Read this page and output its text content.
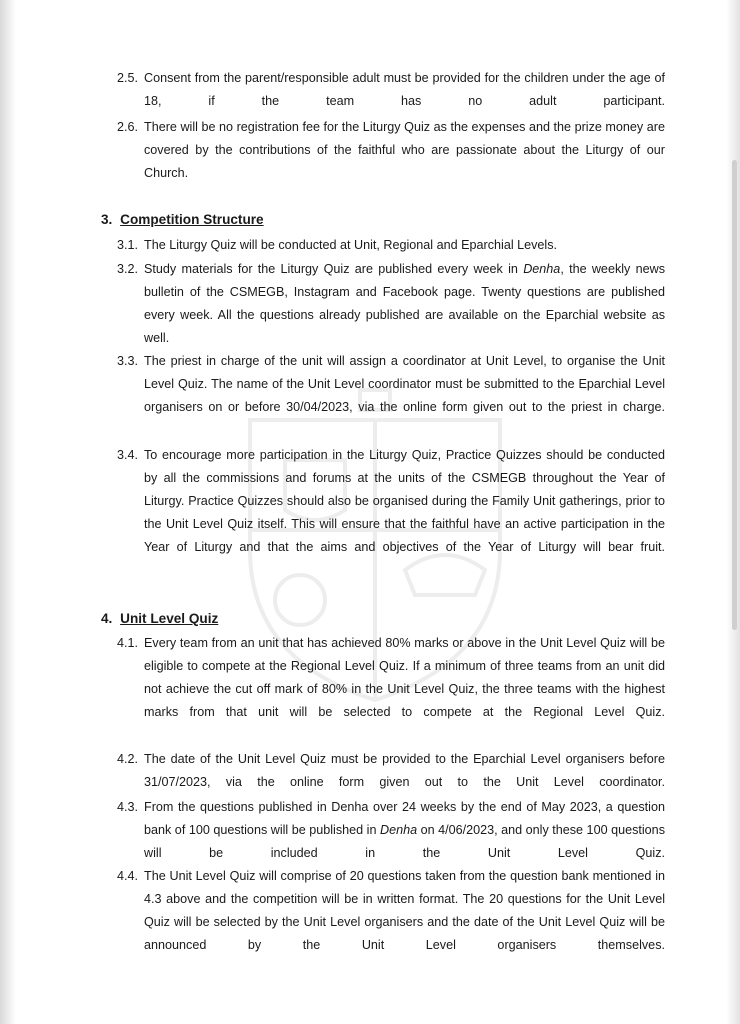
2.5. Consent from the parent/responsible adult must be provided for the children under the age of 18, if the team has no adult participant.
2.6. There will be no registration fee for the Liturgy Quiz as the expenses and the prize money are covered by the contributions of the faithful who are passionate about the Liturgy of our Church.
3. Competition Structure
3.1. The Liturgy Quiz will be conducted at Unit, Regional and Eparchial Levels.
3.2. Study materials for the Liturgy Quiz are published every week in Denha, the weekly news bulletin of the CSMEGB, Instagram and Facebook page. Twenty questions are published every week. All the questions already published are available on the Eparchial website as well.
3.3. The priest in charge of the unit will assign a coordinator at Unit Level, to organise the Unit Level Quiz. The name of the Unit Level coordinator must be submitted to the Eparchial Level organisers on or before 30/04/2023, via the online form given out to the priest in charge.
3.4. To encourage more participation in the Liturgy Quiz, Practice Quizzes should be conducted by all the commissions and forums at the units of the CSMEGB throughout the Year of Liturgy. Practice Quizzes should also be organised during the Family Unit gatherings, prior to the Unit Level Quiz itself. This will ensure that the faithful have an active participation in the Year of Liturgy and that the aims and objectives of the Year of Liturgy will bear fruit.
4. Unit Level Quiz
4.1. Every team from an unit that has achieved 80% marks or above in the Unit Level Quiz will be eligible to compete at the Regional Level Quiz. If a minimum of three teams from an unit did not achieve the cut off mark of 80% in the Unit Level Quiz, the three teams with the highest marks from that unit will be selected to compete at the Regional Level Quiz.
4.2. The date of the Unit Level Quiz must be provided to the Eparchial Level organisers before 31/07/2023, via the online form given out to the Unit Level coordinator.
4.3. From the questions published in Denha over 24 weeks by the end of May 2023, a question bank of 100 questions will be published in Denha on 4/06/2023, and only these 100 questions will be included in the Unit Level Quiz.
4.4. The Unit Level Quiz will comprise of 20 questions taken from the question bank mentioned in 4.3 above and the competition will be in written format. The 20 questions for the Unit Level Quiz will be selected by the Unit Level organisers and the date of the Unit Level Quiz will be announced by the Unit Level organisers themselves.
